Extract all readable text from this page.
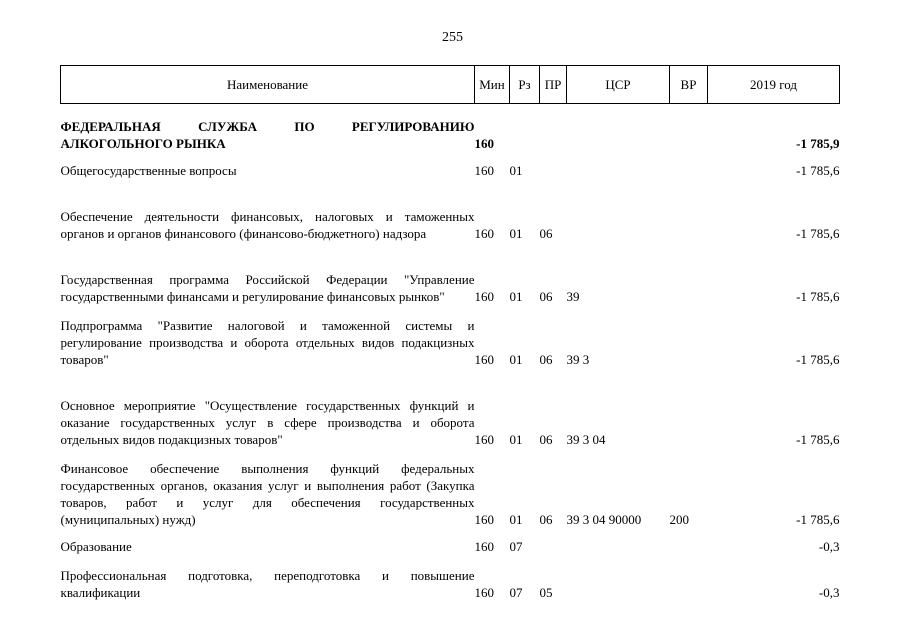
255
Наименование	Мин	Рз	ПР	ЦСР	ВР	2019 год
ФЕДЕРАЛЬНАЯ СЛУЖБА ПО РЕГУЛИРОВАНИЮ АЛКОГОЛЬНОГО РЫНКА	160					-1 785,9
Общегосударственные вопросы	160	01				-1 785,6
Обеспечение деятельности финансовых, налоговых и таможенных органов и органов финансового (финансово-бюджетного) надзора	160	01	06			-1 785,6
Государственная программа Российской Федерации "Управление государственными финансами и регулирование финансовых рынков"	160	01	06	39		-1 785,6
Подпрограмма "Развитие налоговой и таможенной системы и регулирование производства и оборота отдельных видов подакцизных товаров"	160	01	06	39 3		-1 785,6
Основное мероприятие "Осуществление государственных функций и оказание государственных услуг в сфере производства и оборота отдельных видов подакцизных товаров"	160	01	06	39 3 04		-1 785,6
Финансовое обеспечение выполнения функций федеральных государственных органов, оказания услуг и выполнения работ (Закупка товаров, работ и услуг для обеспечения государственных (муниципальных) нужд)	160	01	06	39 3 04 90000	200	-1 785,6
Образование	160	07				-0,3
Профессиональная подготовка, переподготовка и повышение квалификации	160	07	05			-0,3
